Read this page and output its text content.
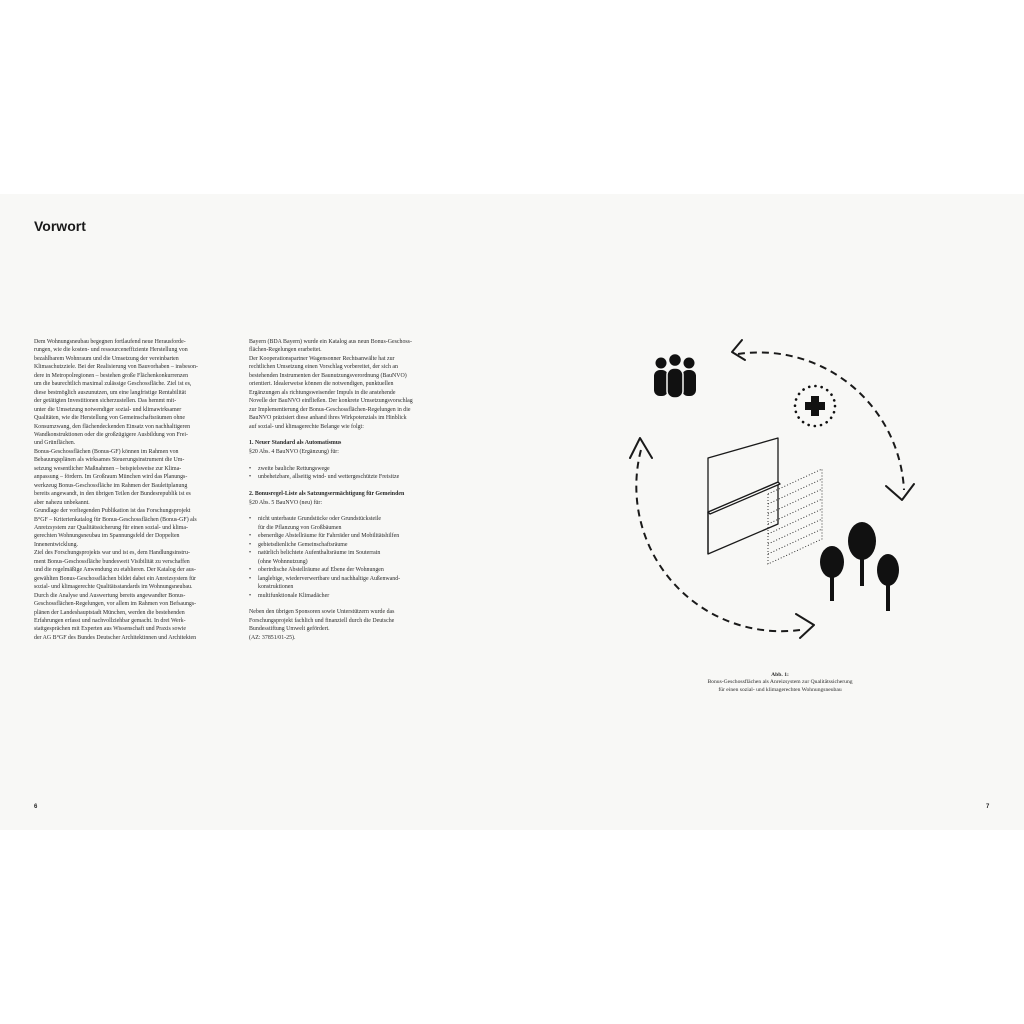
Vorwort

Dem Wohnungsneubau begegnen fortlaufend neue Herausforde-

rungen, wie die kosten- und ressourceneffiziente Herstellung von

bezahlbarem Wohnraum und die Umsetzung der vereinbarten

Klimaschutzziele. Bei der Realisierung von Bauvorhaben – insbeson-

dere in Metropolregionen – bestehen große Flächenkonkurrenzen

um die baurechtlich maximal zulässige Geschossfläche. Ziel ist es,

diese bestmöglich auszunutzen, um eine langfristige Rentabilität

der getätigten Investitionen sicherzustellen. Das hemmt mit-

unter die Umsetzung notwendiger sozial- und klimawirksamer

Qualitäten, wie die Herstellung von Gemeinschaftsräumen ohne

Konsumzwang, den flächendeckenden Einsatz von nachhaltigeren

Wandkonstruktionen oder die großzügigere Ausbildung von Frei-

und Grünflächen.

Bonus-Geschossflächen (Bonus-GF) können im Rahmen von

Bebauungsplänen als wirksames Steuerungsinstrument die Um-

setzung wesentlicher Maßnahmen – beispielsweise zur Klima-

anpassung – fördern. Im Großraum München wird das Planungs-

werkzeug Bonus-Geschossfläche im Rahmen der Bauleitplanung

bereits angewandt, in den übrigen Teilen der Bundesrepublik ist es

aber nahezu unbekannt.

Grundlage der vorliegenden Publikation ist das Forschungsprojekt

B°GF – Kriterienkatalog für Bonus-Geschossflächen (Bonus-GF) als

Anreizsystem zur Qualitätssicherung für einen sozial- und klima-

gerechten Wohnungsneubau im Spannungsfeld der Doppelten

Innenentwicklung.

Ziel des Forschungsprojekts war und ist es, dem Handlungsinstru-

ment Bonus-Geschossfläche bundesweit Visibilität zu verschaffen

und die regelmäßige Anwendung zu etablieren. Der Katalog der aus-

gewählten Bonus-Geschossflächen bildet dabei ein Anreizsystem für

sozial- und klimagerechte Qualitätsstandards im Wohnungsneubau.

Durch die Analyse und Auswertung bereits angewandter Bonus-

Geschossflächen-Regelungen, vor allem im Rahmen von Befsaungs-

plänen der Landeshauptstadt München, werden die bestehenden

Erfahrungen erfasst und nachvollziehbar gemacht. In drei Werk-

stattgesprächen mit Experten aus Wissenschaft und Praxis sowie

der AG B°GF des Bundes Deutscher Architektinnen und Architekten

Bayern (BDA Bayern) wurde ein Katalog aus neun Bonus-Geschoss-

flächen-Regelungen erarbeitet.

Der Kooperationspartner Wagensonner Rechtsanwälte hat zur

rechtlichen Umsetzung einen Vorschlag vorbereitet, der sich an

bestehenden Instrumenten der Baunutzungsverordnung (BauNVO)

orientiert. Idealerweise können die notwendigen, punktuellen

Ergänzungen als richtungsweisender Impuls in die anstehende

Novelle der BauNVO einfließen. Der konkrete Umsetzungsvorschlag

zur Implementierung der Bonus-Geschossflächen-Regelungen in die

BauNVO präzisiert diese anhand ihres Wirkpotenzials im Hinblick

auf sozial- und klimagerechte Belange wie folgt:

1. Neuer Standard als Automatismus

§20 Abs. 4 BauNVO (Ergänzung) für:

• zweite bauliche Rettungswege
• unbeheizbare, allseitig wind- und wettergeschützte Freisitze

2. Bonusregel-Liste als Satzungsermächtigung für Gemeinden

§20 Abs. 5 BauNVO (neu) für:

• nicht unterbaute Grundstücke oder Grundstücksteile
für die Pflanzung von Großbäumen
• ebenerdige Abstellräume für Fahrräder und Mobilitätshilfen
• gebietsdienliche Gemeinschaftsräume
• natürlich belichtete Aufenthaltsräume im Souterrain
(ohne Wohnnutzung)
• oberirdische Abstellräume auf Ebene der Wohnungen
• langlebige, wiederverwertbare und nachhaltige Außenwand-
konstruktionen
• multifunktionale Klimadächer

Neben den übrigen Sponsoren sowie Unterstützern wurde das

Forschungsprojekt fachlich und finanziell durch die Deutsche

Bundesstiftung Umwelt gefördert.

(AZ: 37851/01-25).

Abb. 1:
Bonus-Geschossflächen als Anreizsystem zur Qualitätssicherung
für einen sozial- und klimagerechten Wohnungsneubau
6	7
